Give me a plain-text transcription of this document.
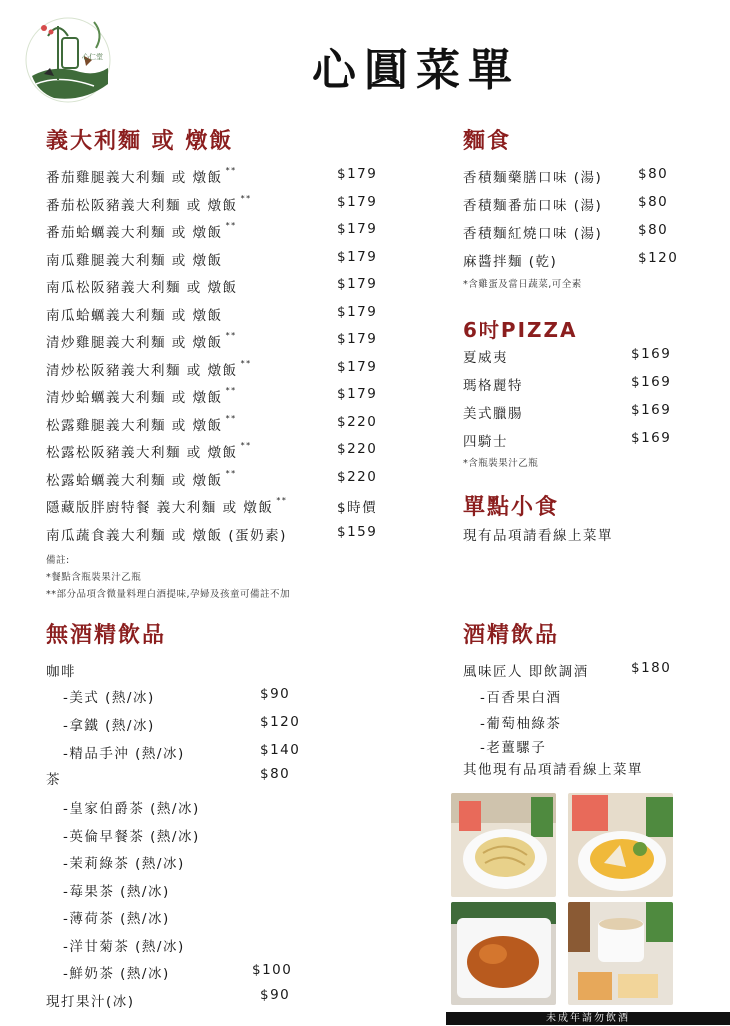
心仁堂	心圓菜單
義大利麵 或 燉飯
番茄雞腿義大利麵 或 燉飯 **	$179
番茄松阪豬義大利麵 或 燉飯 **	$179
番茄蛤蠣義大利麵 或 燉飯 **	$179
南瓜雞腿義大利麵 或 燉飯	$179
南瓜松阪豬義大利麵 或 燉飯	$179
南瓜蛤蠣義大利麵 或 燉飯	$179
清炒雞腿義大利麵 或 燉飯 **	$179
清炒松阪豬義大利麵 或 燉飯 **	$179
清炒蛤蠣義大利麵 或 燉飯 **	$179
松露雞腿義大利麵 或 燉飯 **	$220
松露松阪豬義大利麵 或 燉飯 **	$220
松露蛤蠣義大利麵 或 燉飯 **	$220
隱藏版胖廚特餐 義大利麵 或 燉飯 **	$時價
南瓜蔬食義大利麵 或 燉飯 (蛋奶素)	$159
備註:
*餐點含瓶裝果汁乙瓶
**部分品項含微量料理白酒提味,孕婦及孩童可備註不加
麵食
香積麵藥膳口味 (湯)	$80
香積麵番茄口味 (湯)	$80
香積麵紅燒口味 (湯)	$80
麻醬拌麵 (乾)	$120
*含雞蛋及當日蔬菜,可全素
6吋PIZZA
夏威夷	$169
瑪格麗特	$169
美式臘腸	$169
四騎士	$169
*含瓶裝果汁乙瓶
單點小食
現有品項請看線上菜單
無酒精飲品
咖啡
-美式 (熱/冰)	$90
-拿鐵 (熱/冰)	$120
-精品手沖 (熱/冰)	$140
茶	$80
-皇家伯爵茶 (熱/冰)
-英倫早餐茶 (熱/冰)
-茉莉綠茶 (熱/冰)
-莓果茶 (熱/冰)
-薄荷茶 (熱/冰)
-洋甘菊茶 (熱/冰)
-鮮奶茶 (熱/冰)	$100
現打果汁(冰)	$90
酒精飲品
風味匠人 即飲調酒	$180
-百香果白酒
-葡萄柚綠茶
-老薑騾子
其他現有品項請看線上菜單
未成年請勿飲酒
